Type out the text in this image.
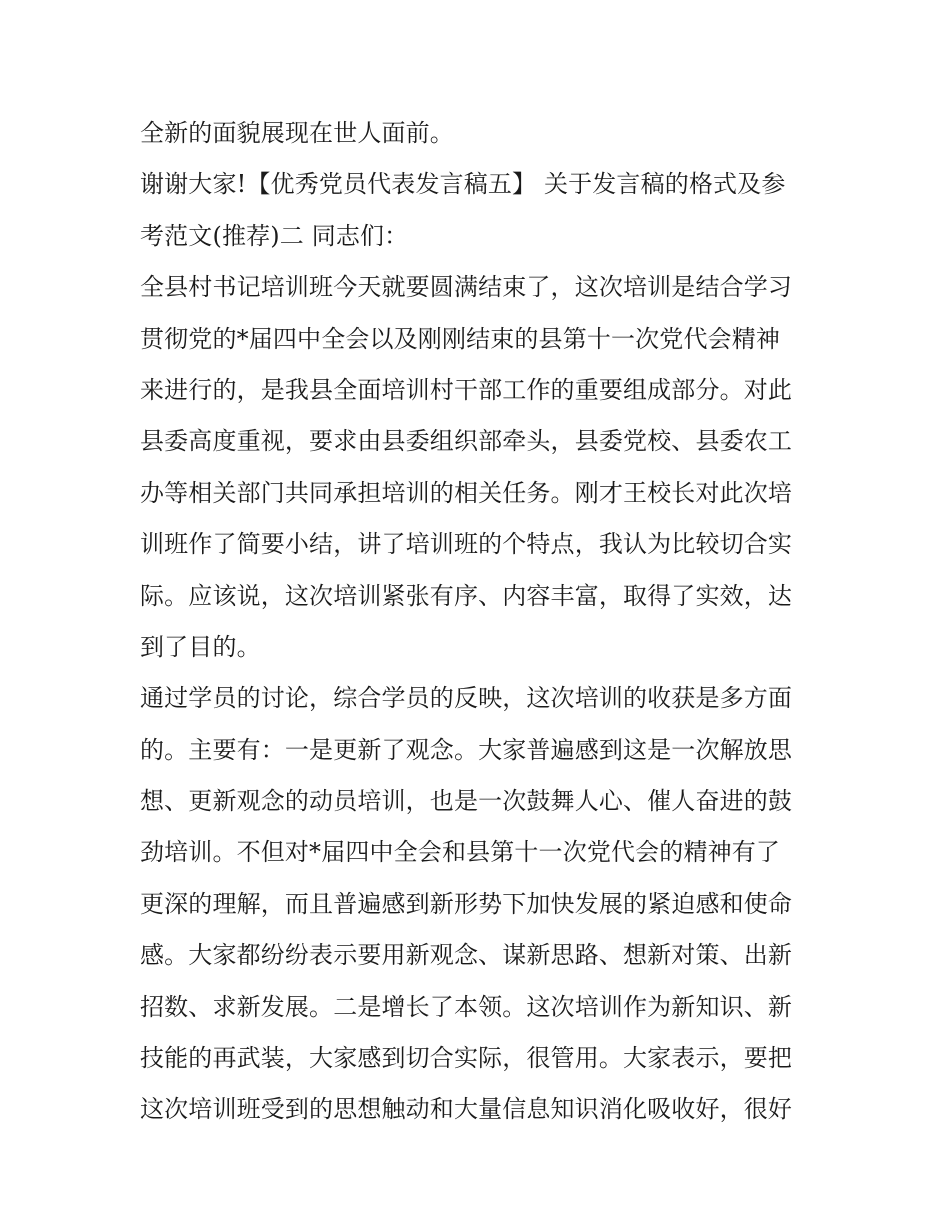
全新的面貌展现在世人面前。
谢谢大家!【优秀党员代表发言稿五】 关于发言稿的格式及参
考范文(推荐)二 同志们：
全县村书记培训班今天就要圆满结束了，这次培训是结合学习
贯彻党的*届四中全会以及刚刚结束的县第十一次党代会精神
来进行的，是我县全面培训村干部工作的重要组成部分。对此
县委高度重视，要求由县委组织部牵头，县委党校、县委农工
办等相关部门共同承担培训的相关任务。刚才王校长对此次培
训班作了简要小结，讲了培训班的个特点，我认为比较切合实
际。应该说，这次培训紧张有序、内容丰富，取得了实效，达
到了目的。
通过学员的讨论，综合学员的反映，这次培训的收获是多方面
的。主要有：一是更新了观念。大家普遍感到这是一次解放思
想、更新观念的动员培训，也是一次鼓舞人心、催人奋进的鼓
劲培训。不但对*届四中全会和县第十一次党代会的精神有了
更深的理解，而且普遍感到新形势下加快发展的紧迫感和使命
感。大家都纷纷表示要用新观念、谋新思路、想新对策、出新
招数、求新发展。二是增长了本领。这次培训作为新知识、新
技能的再武装，大家感到切合实际，很管用。大家表示，要把
这次培训班受到的思想触动和大量信息知识消化吸收好，很好
